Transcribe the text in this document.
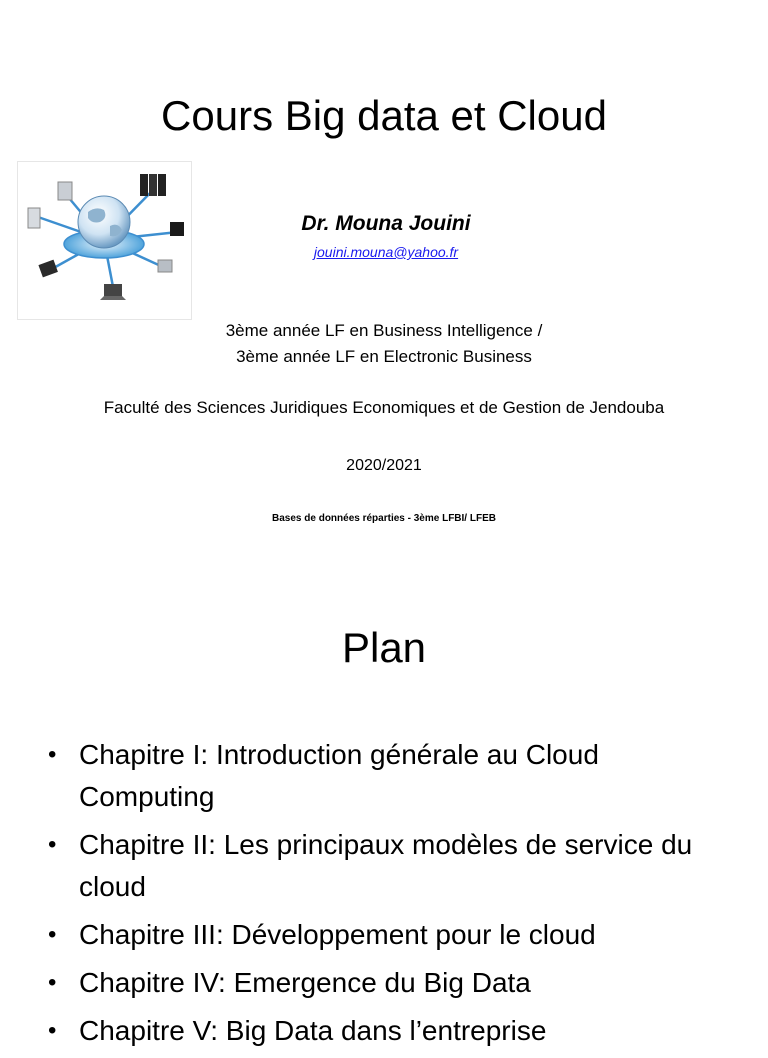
Cours Big data et Cloud
Dr. Mouna Jouini
jouini.mouna@yahoo.fr
3ème année LF en Business Intelligence /
3ème année LF en Electronic Business
Faculté des Sciences Juridiques Economiques et de Gestion de Jendouba
2020/2021
Bases de données réparties - 3ème LFBI/ LFEB
Plan
• Chapitre I: Introduction générale au Cloud Computing
• Chapitre II: Les principaux modèles de service du cloud
• Chapitre III: Développement pour le cloud
• Chapitre IV: Emergence du Big Data
• Chapitre V: Big Data dans l’entreprise
